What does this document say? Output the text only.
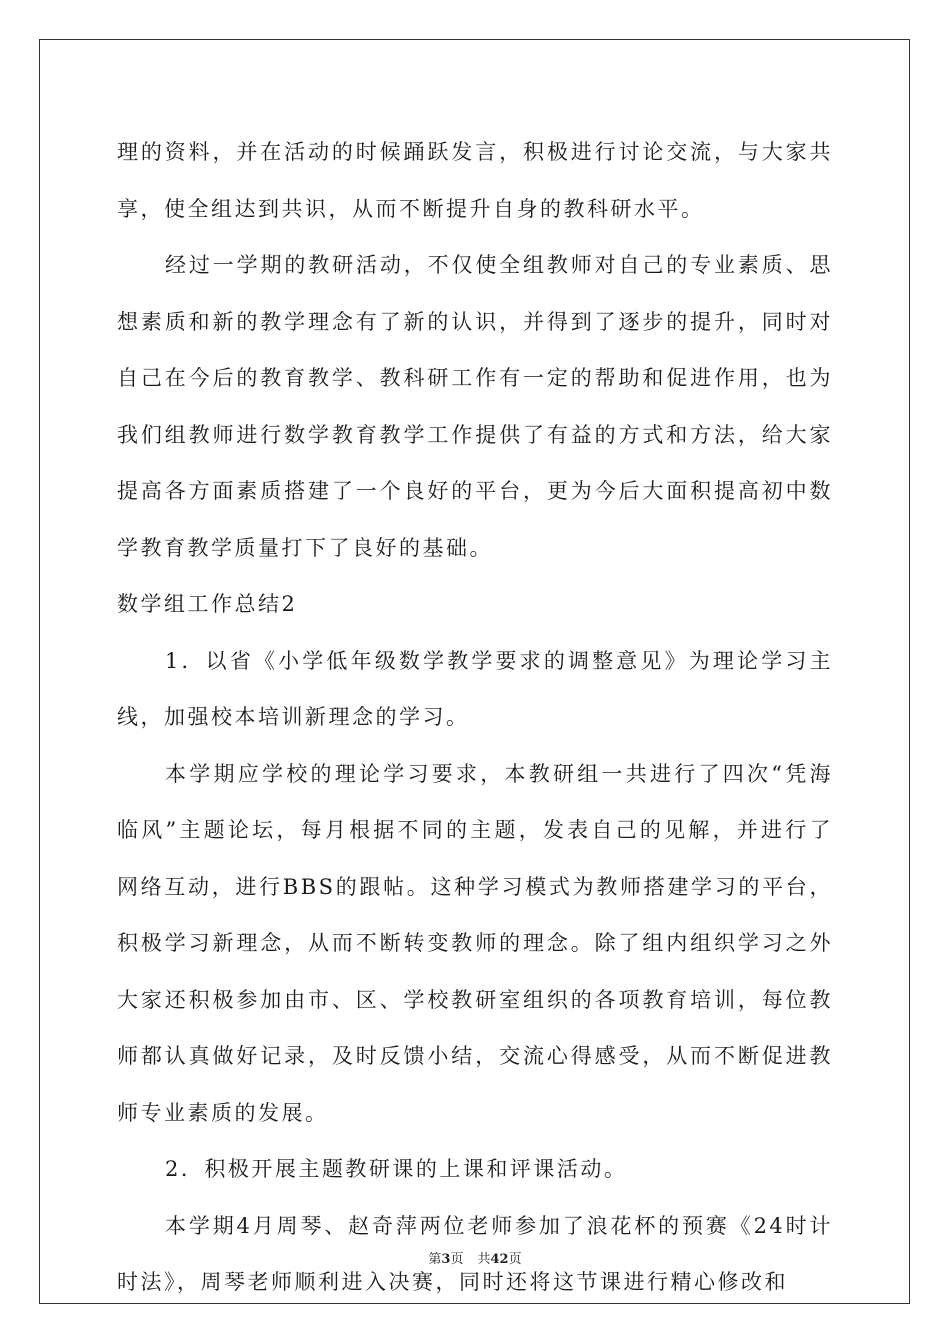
理的资料，并在活动的时候踊跃发言，积极进行讨论交流，与大家共享，使全组达到共识，从而不断提升自身的教科研水平。

经过一学期的教研活动，不仅使全组教师对自己的专业素质、思想素质和新的教学理念有了新的认识，并得到了逐步的提升，同时对自己在今后的教育教学、教科研工作有一定的帮助和促进作用，也为我们组教师进行数学教育教学工作提供了有益的方式和方法，给大家提高各方面素质搭建了一个良好的平台，更为今后大面积提高初中数学教育教学质量打下了良好的基础。

数学组工作总结2

1．以省《小学低年级数学教学要求的调整意见》为理论学习主线，加强校本培训新理念的学习。

本学期应学校的理论学习要求，本教研组一共进行了四次“凭海临风”主题论坛，每月根据不同的主题，发表自己的见解，并进行了网络互动，进行BBS的跟帖。这种学习模式为教师搭建学习的平台，积极学习新理念，从而不断转变教师的理念。除了组内组织学习之外大家还积极参加由市、区、学校教研室组织的各项教育培训，每位教师都认真做好记录，及时反馈小结，交流心得感受，从而不断促进教师专业素质的发展。

2．积极开展主题教研课的上课和评课活动。

本学期4月周琴、赵奇萍两位老师参加了浪花杯的预赛《24时计时法》，周琴老师顺利进入决赛，同时还将这节课进行精心修改和

第3页 共42页
